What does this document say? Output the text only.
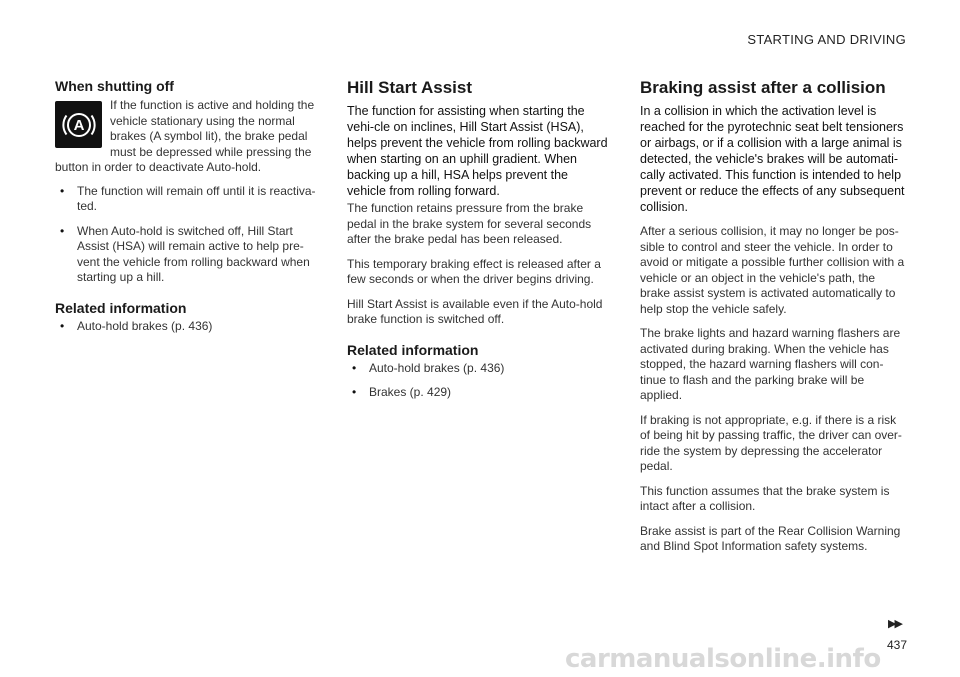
STARTING AND DRIVING
When shutting off
A

If the function is active and holding the vehicle stationary using the normal brakes (A symbol lit), the brake pedal must be depressed while pressing the button in order to deactivate Auto-hold.

• The function will remain off until it is reactiva-ted.
• When Auto-hold is switched off, Hill Start Assist (HSA) will remain active to help pre-vent the vehicle from rolling backward when starting up a hill.
Related information
• Auto-hold brakes (p. 436)
Hill Start Assist

The function for assisting when starting the vehi-cle on inclines, Hill Start Assist (HSA), helps prevent the vehicle from rolling backward when starting on an uphill gradient. When backing up a hill, HSA helps prevent the vehicle from rolling forward.

The function retains pressure from the brake pedal in the brake system for several seconds after the brake pedal has been released.

This temporary braking effect is released after a few seconds or when the driver begins driving.

Hill Start Assist is available even if the Auto-hold brake function is switched off.

Related information
• Auto-hold brakes (p. 436)
• Brakes (p. 429)
Braking assist after a collision

In a collision in which the activation level is reached for the pyrotechnic seat belt tensioners or airbags, or if a collision with a large animal is detected, the vehicle's brakes will be automati-cally activated. This function is intended to help prevent or reduce the effects of any subsequent collision.

After a serious collision, it may no longer be pos-sible to control and steer the vehicle. In order to avoid or mitigate a possible further collision with a vehicle or an object in the vehicle's path, the brake assist system is activated automatically to help stop the vehicle safely.

The brake lights and hazard warning flashers are activated during braking. When the vehicle has stopped, the hazard warning flashers will con-tinue to flash and the parking brake will be applied.

If braking is not appropriate, e.g. if there is a risk of being hit by passing traffic, the driver can over-ride the system by depressing the accelerator pedal.

This function assumes that the brake system is intact after a collision.

Brake assist is part of the Rear Collision Warning and Blind Spot Information safety systems.

▶▶
437
carmanualsonline.info
